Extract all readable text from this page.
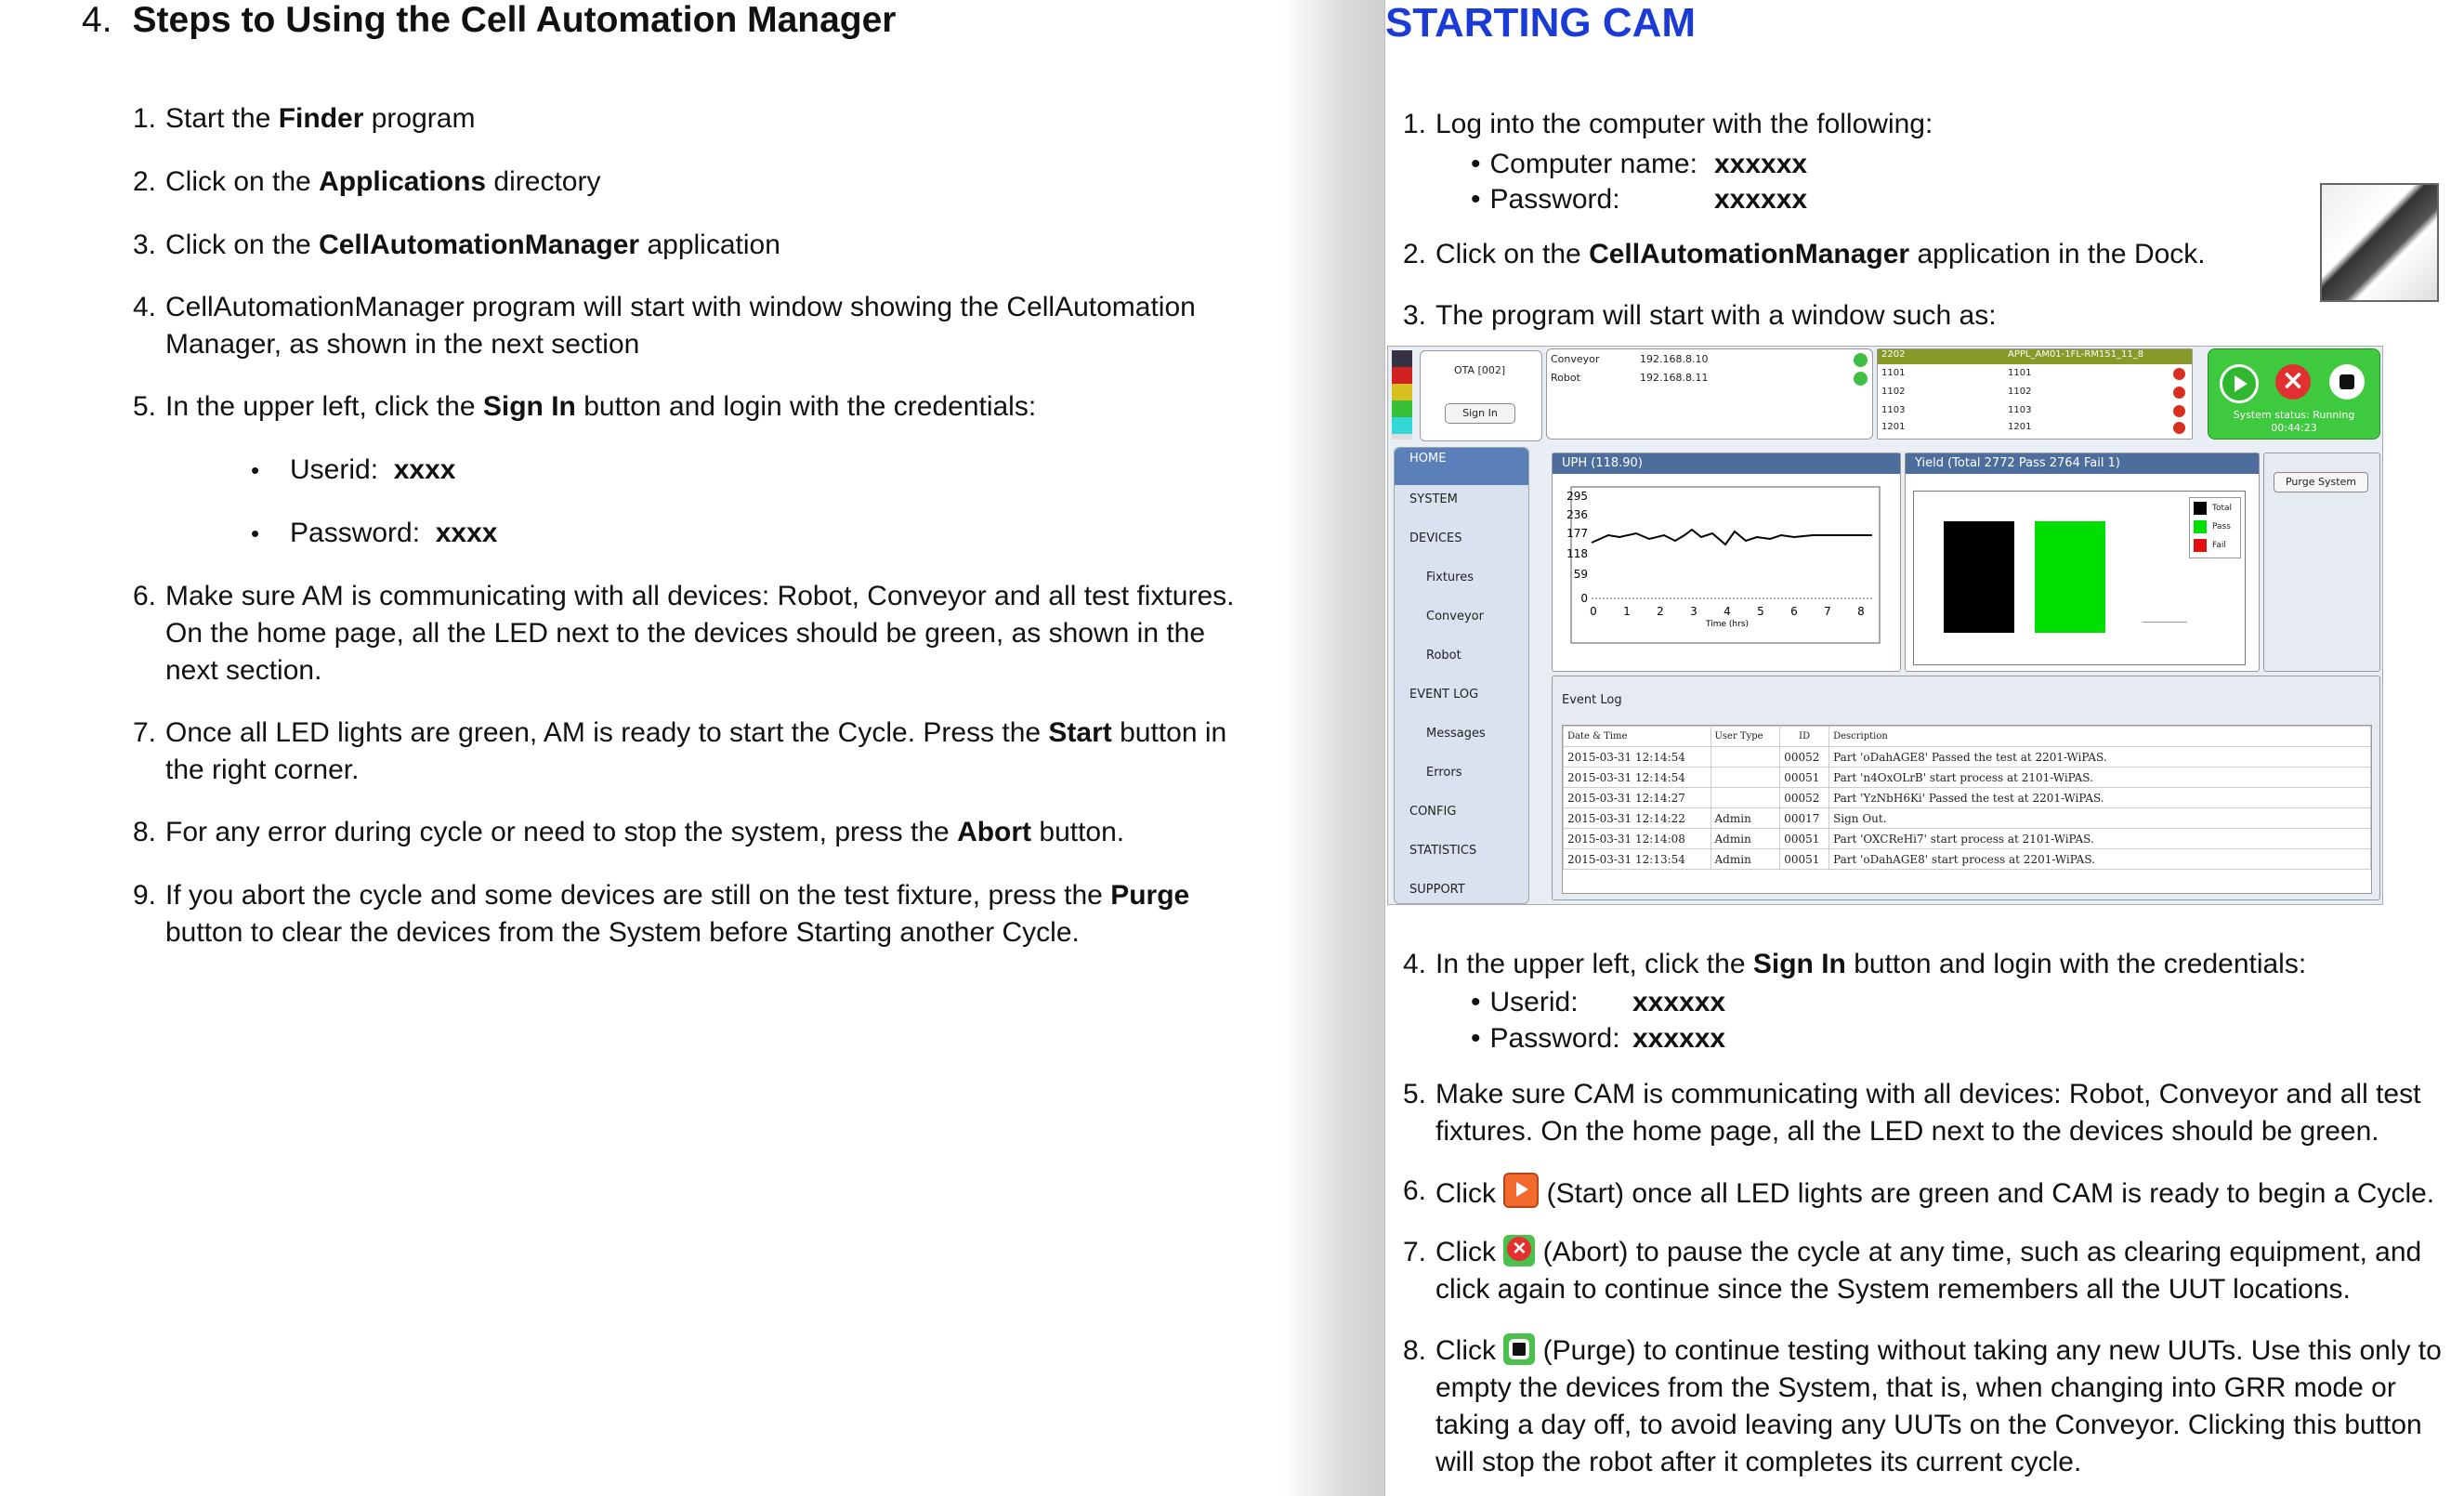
4. Steps to Using the Cell Automation Manager
1. Start the Finder program
2. Click on the Applications directory
3. Click on the CellAutomationManager application
4. CellAutomationManager program will start with window showing the CellAutomation Manager, as shown in the next section
5. In the upper left, click the Sign In button and login with the credentials:
• Userid: xxxx
• Password: xxxx
6. Make sure AM is communicating with all devices: Robot, Conveyor and all test fixtures. On the home page, all the LED next to the devices should be green, as shown in the next section.
7. Once all LED lights are green, AM is ready to start the Cycle. Press the Start button in the right corner.
8. For any error during cycle or need to stop the system, press the Abort button.
9. If you abort the cycle and some devices are still on the test fixture, press the Purge button to clear the devices from the System before Starting another Cycle.
STARTING CAM
1. Log into the computer with the following:
• Computer name: xxxxxx
• Password:	xxxxxx
2. Click on the CellAutomationManager application in the Dock.
3. The program will start with a window such as:
OTA [002]
Sign In
Conveyor	192.168.8.10
Robot	192.168.8.11
2202	APPL_AM01-1FL-RM151_11_8
1101	1101
1102	1102
1103	1103
1201	1201
×
System status: Running
00:44:23
HOME
SYSTEM
DEVICES
Fixtures
Conveyor
Robot
EVENT LOG
Messages
Errors
CONFIG
STATISTICS
SUPPORT
UPH (118.90)
295
236
177
118
59
0
0 1 2 3 4 5 6 7 8
Time (hrs)
Yield (Total 2772 Pass 2764 Fail 1)
Total
Pass
Fail
Purge System
Event Log
Date & Time	User Type	ID	Description
2015-03-31 12:14:54		00052	Part 'oDahAGE8' Passed the test at 2201-WiPAS.
2015-03-31 12:14:54		00051	Part 'n4OxOLrB' start process at 2101-WiPAS.
2015-03-31 12:14:27		00052	Part 'YzNbH6Ki' Passed the test at 2201-WiPAS.
2015-03-31 12:14:22	Admin	00017	Sign Out.
2015-03-31 12:14:08	Admin	00051	Part 'OXCReHi7' start process at 2101-WiPAS.
2015-03-31 12:13:54	Admin	00051	Part 'oDahAGE8' start process at 2201-WiPAS.
4. In the upper left, click the Sign In button and login with the credentials:
• Userid: xxxxxx
• Password: xxxxxx
5. Make sure CAM is communicating with all devices: Robot, Conveyor and all test fixtures. On the home page, all the LED next to the devices should be green.
6. Click  (Start) once all LED lights are green and CAM is ready to begin a Cycle.
7. Click × (Abort) to pause the cycle at any time, such as clearing equipment, and click again to continue since the System remembers all the UUT locations.
8. Click  (Purge) to continue testing without taking any new UUTs. Use this only to empty the devices from the System, that is, when changing into GRR mode or taking a day off, to avoid leaving any UUTs on the Conveyor. Clicking this button will stop the robot after it completes its current cycle.
